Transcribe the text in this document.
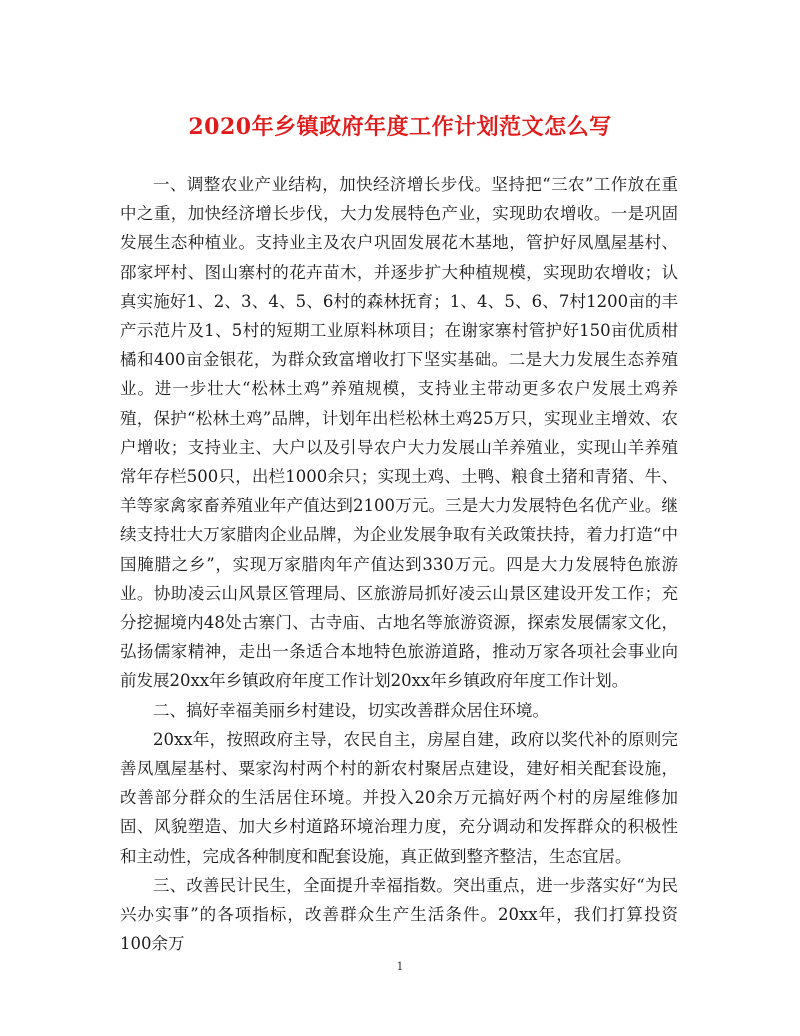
2020年乡镇政府年度工作计划范文怎么写

一、调整农业产业结构，加快经济增长步伐。坚持把“三农”工作放在重中之重，加快经济增长步伐，大力发展特色产业，实现助农增收。一是巩固发展生态种植业。支持业主及农户巩固发展花木基地，管护好凤凰屋基村、邵家坪村、图山寨村的花卉苗木，并逐步扩大种植规模，实现助农增收；认真实施好1、2、3、4、5、6村的森林抚育；1、4、5、6、7村1200亩的丰产示范片及1、5村的短期工业原料林项目；在谢家寨村管护好150亩优质柑橘和400亩金银花，为群众致富增收打下坚实基础。二是大力发展生态养殖业。进一步壮大“松林土鸡”养殖规模，支持业主带动更多农户发展土鸡养殖，保护“松林土鸡”品牌，计划年出栏松林土鸡25万只，实现业主增效、农户增收；支持业主、大户以及引导农户大力发展山羊养殖业，实现山羊养殖常年存栏500只，出栏1000余只；实现土鸡、土鸭、粮食土猪和青猪、牛、羊等家禽家畜养殖业年产值达到2100万元。三是大力发展特色名优产业。继续支持壮大万家腊肉企业品牌，为企业发展争取有关政策扶持，着力打造“中国腌腊之乡”，实现万家腊肉年产值达到330万元。四是大力发展特色旅游业。协助凌云山风景区管理局、区旅游局抓好凌云山景区建设开发工作；充分挖掘境内48处古寨门、古寺庙、古地名等旅游资源，探索发展儒家文化，弘扬儒家精神，走出一条适合本地特色旅游道路，推动万家各项社会事业向前发展20xx年乡镇政府年度工作计划20xx年乡镇政府年度工作计划。

二、搞好幸福美丽乡村建设，切实改善群众居住环境。

20xx年，按照政府主导，农民自主，房屋自建，政府以奖代补的原则完善凤凰屋基村、粟家沟村两个村的新农村聚居点建设，建好相关配套设施，改善部分群众的生活居住环境。并投入20余万元搞好两个村的房屋维修加固、风貌塑造、加大乡村道路环境治理力度，充分调动和发挥群众的积极性和主动性，完成各种制度和配套设施，真正做到整齐整洁，生态宜居。

三、改善民计民生，全面提升幸福指数。突出重点，进一步落实好“为民兴办实事”的各项指标，改善群众生产生活条件。20xx年，我们打算投资100余万

1
